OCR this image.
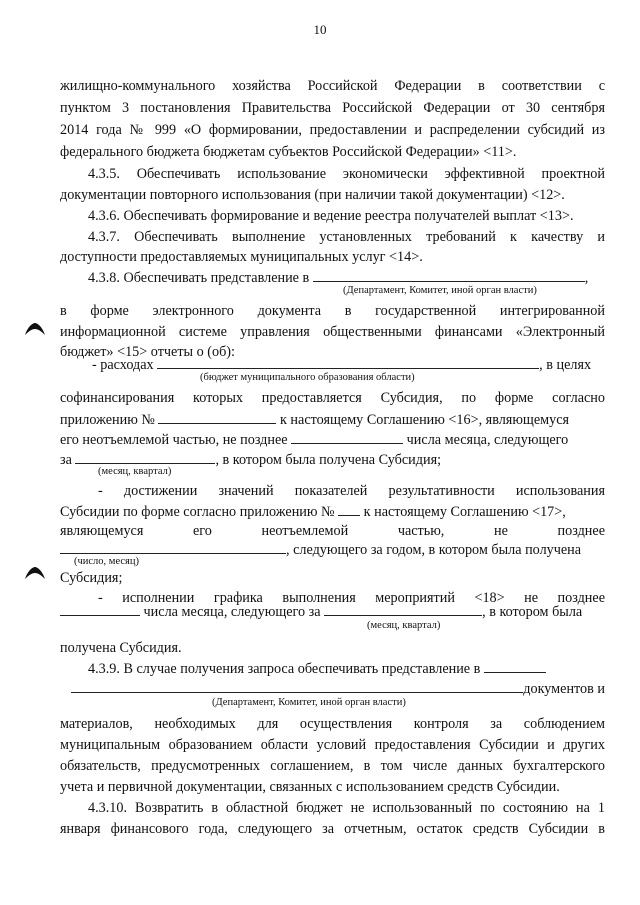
10
жилищно-коммунального хозяйства Российской Федерации в соответствии с
пунктом 3 постановления Правительства Российской Федерации от 30 сентября
2014 года № 999 «О формировании, предоставлении и распределении субсидий из
федерального бюджета бюджетам субъектов Российской Федерации» <11>.
4.3.5. Обеспечивать использование экономически эффективной проектной
документации повторного использования (при наличии такой документации) <12>.
4.3.6. Обеспечивать формирование и ведение реестра получателей выплат <13>.
4.3.7. Обеспечивать выполнение установленных требований к качеству и
доступности предоставляемых муниципальных услуг <14>.
4.3.8. Обеспечивать представление в	,
(Департамент, Комитет, иной орган власти)
в форме электронного документа в государственной интегрированной
информационной системе управления общественными финансами «Электронный
бюджет» <15> отчеты о (об):
- расходах	, в целях
(бюджет муниципального образования области)
софинансирования которых предоставляется Субсидия, по форме согласно
приложению №	к настоящему Соглашению <16>, являющемуся
его неотъемлемой частью, не позднее	числа месяца, следующего
за	, в котором была получена Субсидия;
(месяц, квартал)
- достижении значений показателей результативности использования
Субсидии по форме согласно приложению № к настоящему Соглашению <17>,
являющемуся его неотъемлемой частью, не позднее
, следующего за годом, в котором была получена
(число, месяц)
Субсидия;
- исполнении графика выполнения мероприятий <18> не позднее
числа месяца, следующего за	, в котором была
(месяц, квартал)
получена Субсидия.
4.3.9. В случае получения запроса обеспечивать представление в
документов и
(Департамент, Комитет, иной орган власти)
материалов, необходимых для осуществления контроля за соблюдением
муниципальным образованием области условий предоставления Субсидии и других
обязательств, предусмотренных соглашением, в том числе данных бухгалтерского
учета и первичной документации, связанных с использованием средств Субсидии.
4.3.10. Возвратить в областной бюджет не использованный по состоянию на 1
января финансового года, следующего за отчетным, остаток средств Субсидии в
